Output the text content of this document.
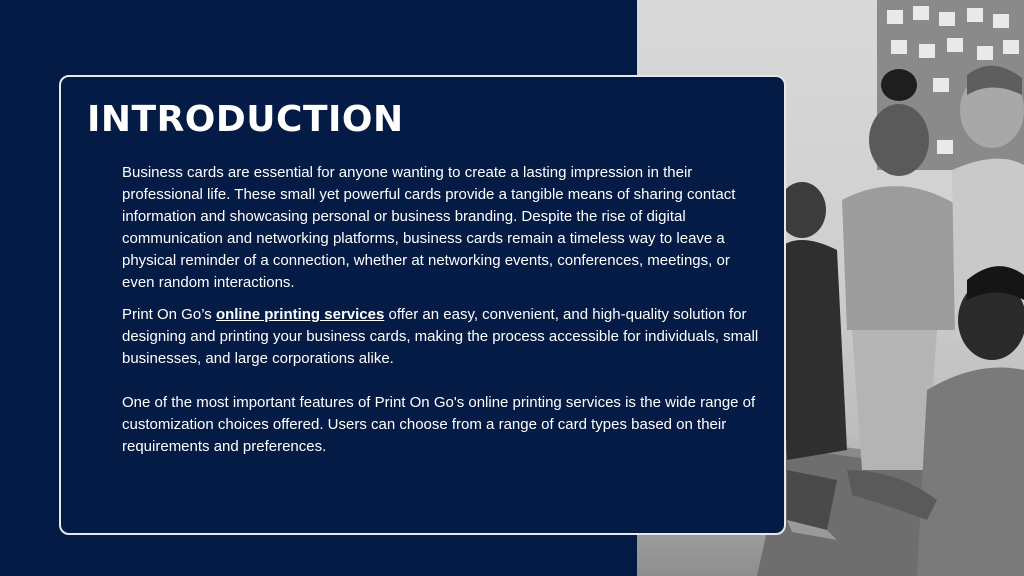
INTRODUCTION

Business cards are essential for anyone wanting to create a lasting impression in their professional life. These small yet powerful cards provide a tangible means of sharing contact information and showcasing personal or business branding. Despite the rise of digital communication and networking platforms, business cards remain a timeless way to leave a physical reminder of a connection, whether at networking events, conferences, meetings, or even random interactions.

Print On Go’s online printing services offer an easy, convenient, and high-quality solution for designing and printing your business cards, making the process accessible for individuals, small businesses, and large corporations alike.

One of the most important features of Print On Go's online printing services is the wide range of customization choices offered. Users can choose from a range of card types based on their requirements and preferences.
